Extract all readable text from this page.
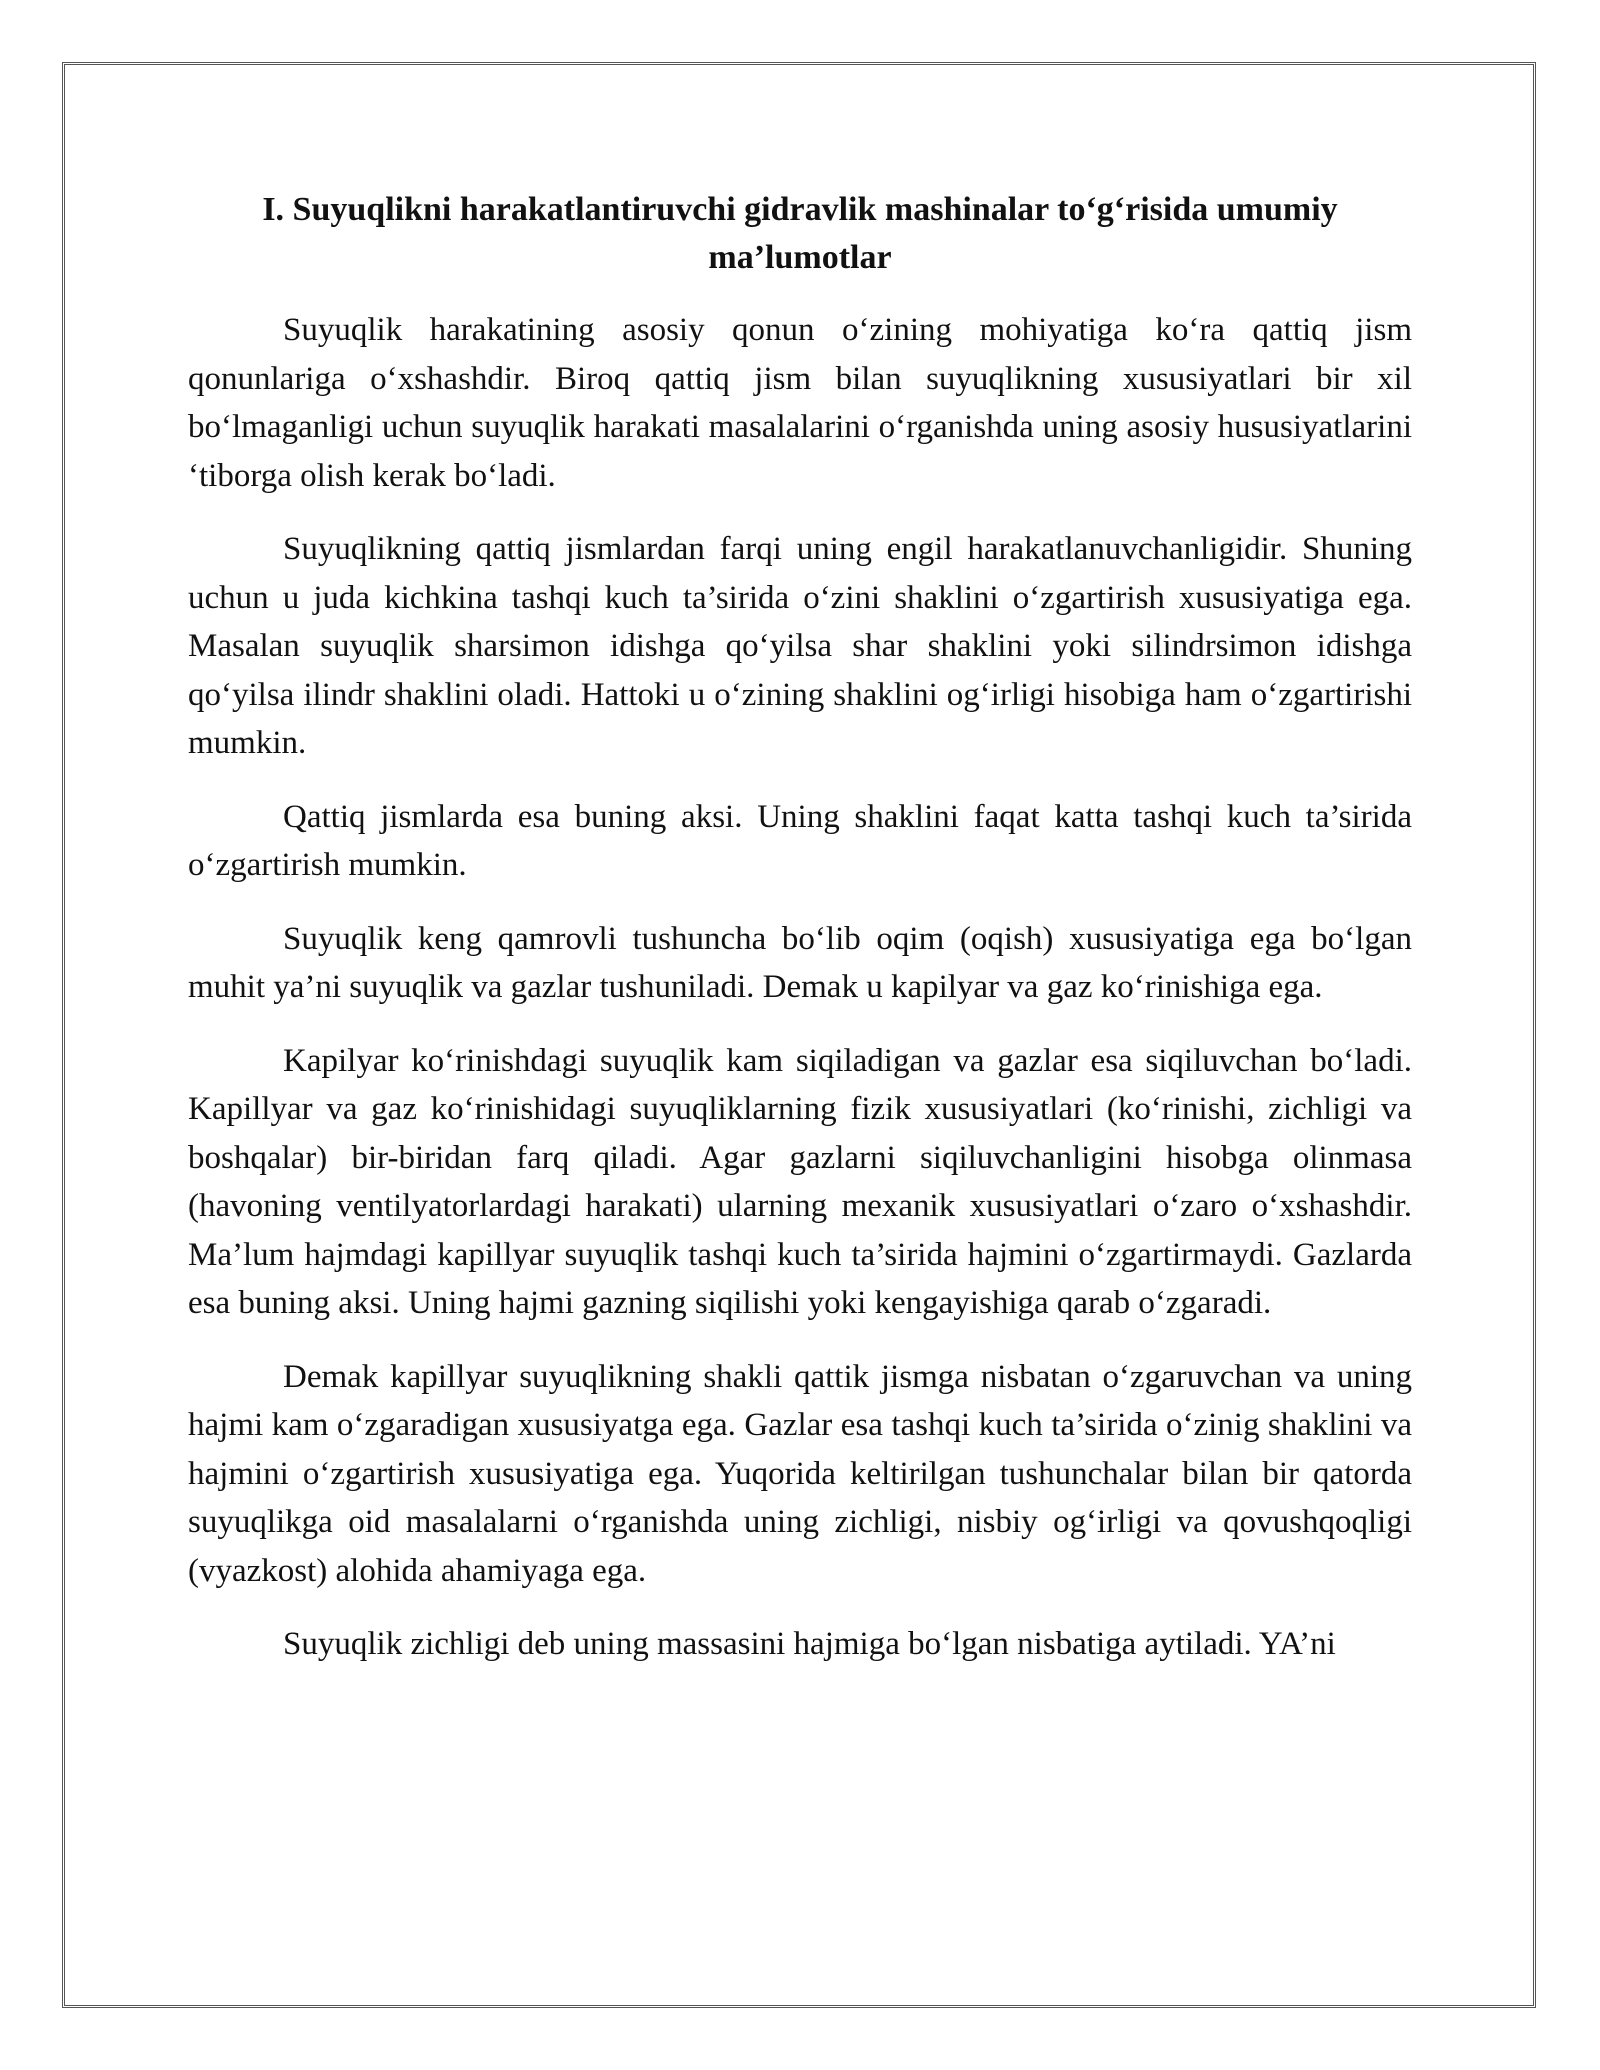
I. Suyuqlikni harakatlantiruvchi gidravlik mashinalar to‘g‘risida umumiy ma’lumotlar

Suyuqlik harakatining asosiy qonun o‘zining mohiyatiga ko‘ra qattiq jism qonunlariga o‘xshashdir. Biroq qattiq jism bilan suyuqlikning xususiyatlari bir xil bo‘lmaganligi uchun suyuqlik harakati masalalarini o‘rganishda uning asosiy hususiyatlarini ‘tiborga olish kerak bo‘ladi.

Suyuqlikning qattiq jismlardan farqi uning engil harakatlanuvchanligidir. Shuning uchun u juda kichkina tashqi kuch ta’sirida o‘zini shaklini o‘zgartirish xususiyatiga ega. Masalan suyuqlik sharsimon idishga qo‘yilsa shar shaklini yoki silindrsimon idishga qo‘yilsa ilindr shaklini oladi. Hattoki u o‘zining shaklini og‘irligi hisobiga ham o‘zgartirishi mumkin.

Qattiq jismlarda esa buning aksi. Uning shaklini faqat katta tashqi kuch ta’sirida o‘zgartirish mumkin.

Suyuqlik keng qamrovli tushuncha bo‘lib oqim (oqish) xususiyatiga ega bo‘lgan muhit ya’ni suyuqlik va gazlar tushuniladi. Demak u kapilyar va gaz ko‘rinishiga ega.

Kapilyar ko‘rinishdagi suyuqlik kam siqiladigan va gazlar esa siqiluvchan bo‘ladi. Kapillyar va gaz ko‘rinishidagi suyuqliklarning fizik xususiyatlari (ko‘rinishi, zichligi va boshqalar) bir-biridan farq qiladi. Agar gazlarni siqiluvchanligini hisobga olinmasa (havoning ventilyatorlardagi harakati) ularning mexanik xususiyatlari o‘zaro o‘xshashdir. Ma’lum hajmdagi kapillyar suyuqlik tashqi kuch ta’sirida hajmini o‘zgartirmaydi. Gazlarda esa buning aksi. Uning hajmi gazning siqilishi yoki kengayishiga qarab o‘zgaradi.

Demak kapillyar suyuqlikning shakli qattik jismga nisbatan o‘zgaruvchan va uning hajmi kam o‘zgaradigan xususiyatga ega. Gazlar esa tashqi kuch ta’sirida o‘zinig shaklini va hajmini o‘zgartirish xususiyatiga ega. Yuqorida keltirilgan tushunchalar bilan bir qatorda suyuqlikga oid masalalarni o‘rganishda uning zichligi, nisbiy og‘irligi va qovushqoqligi (vyazkost) alohida ahamiyaga ega.

Suyuqlik zichligi deb uning massasini hajmiga bo‘lgan nisbatiga aytiladi. YA’ni
